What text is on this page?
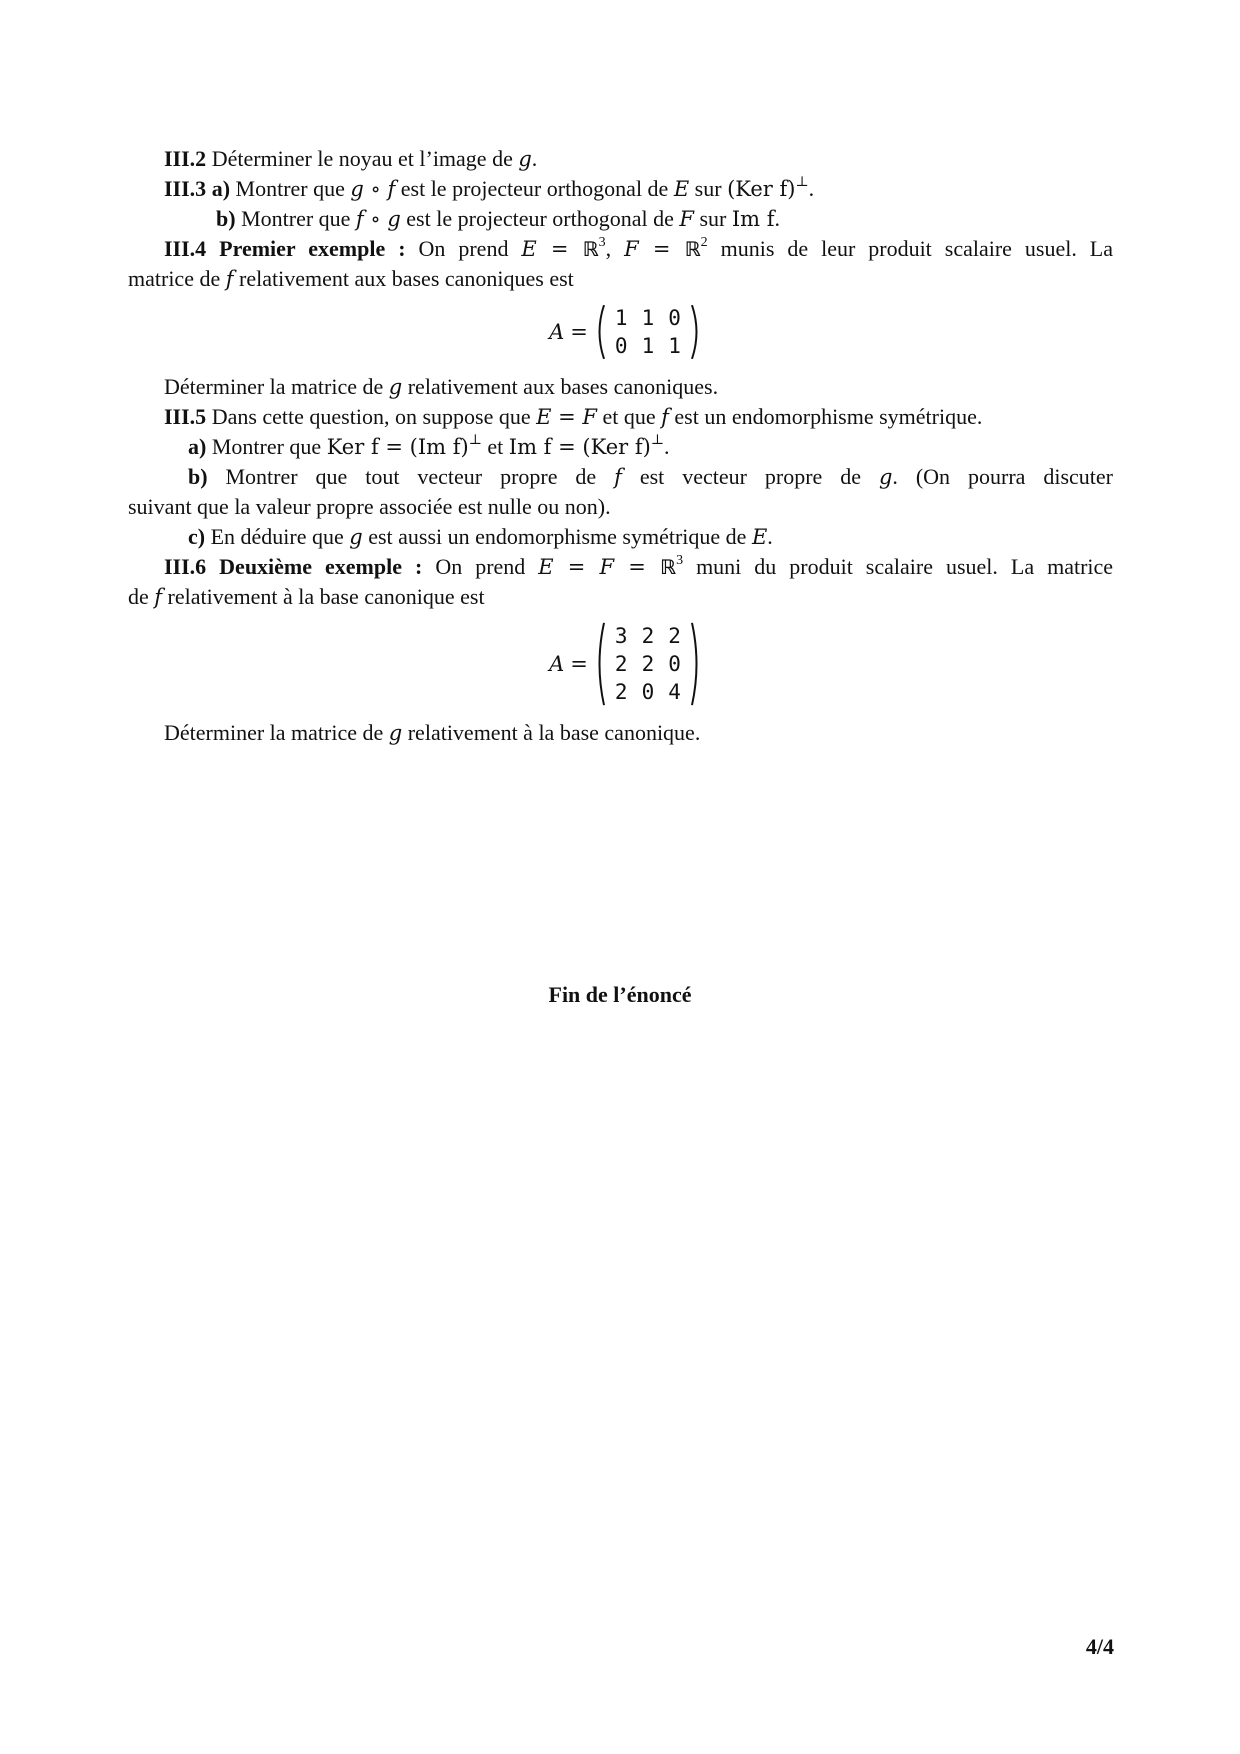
III.2 Déterminer le noyau et l’image de g.
III.3 a) Montrer que g ∘ f est le projecteur orthogonal de E sur (Ker f)⊥.
b) Montrer que f ∘ g est le projecteur orthogonal de F sur Im f.
III.4 Premier exemple : On prend E = ℝ$^3$, F = ℝ$^2$ munis de leur produit scalaire usuel. La
matrice de f relativement aux bases canoniques est
A =
1	1	0
0	1	1
Déterminer la matrice de g relativement aux bases canoniques.
III.5 Dans cette question, on suppose que E = F et que f est un endomorphisme symétrique.
a) Montrer que Ker f = (Im f)⊥ et Im f = (Ker f)⊥.
b) Montrer que tout vecteur propre de f est vecteur propre de g. (On pourra discuter
suivant que la valeur propre associée est nulle ou non).
c) En déduire que g est aussi un endomorphisme symétrique de E.
III.6 Deuxième exemple : On prend E = F = ℝ$^3$ muni du produit scalaire usuel. La matrice
de f relativement à la base canonique est
A =
3	2	2
2	2	0
2	0	4
Déterminer la matrice de g relativement à la base canonique.
Fin de l’énoncé
4/4
